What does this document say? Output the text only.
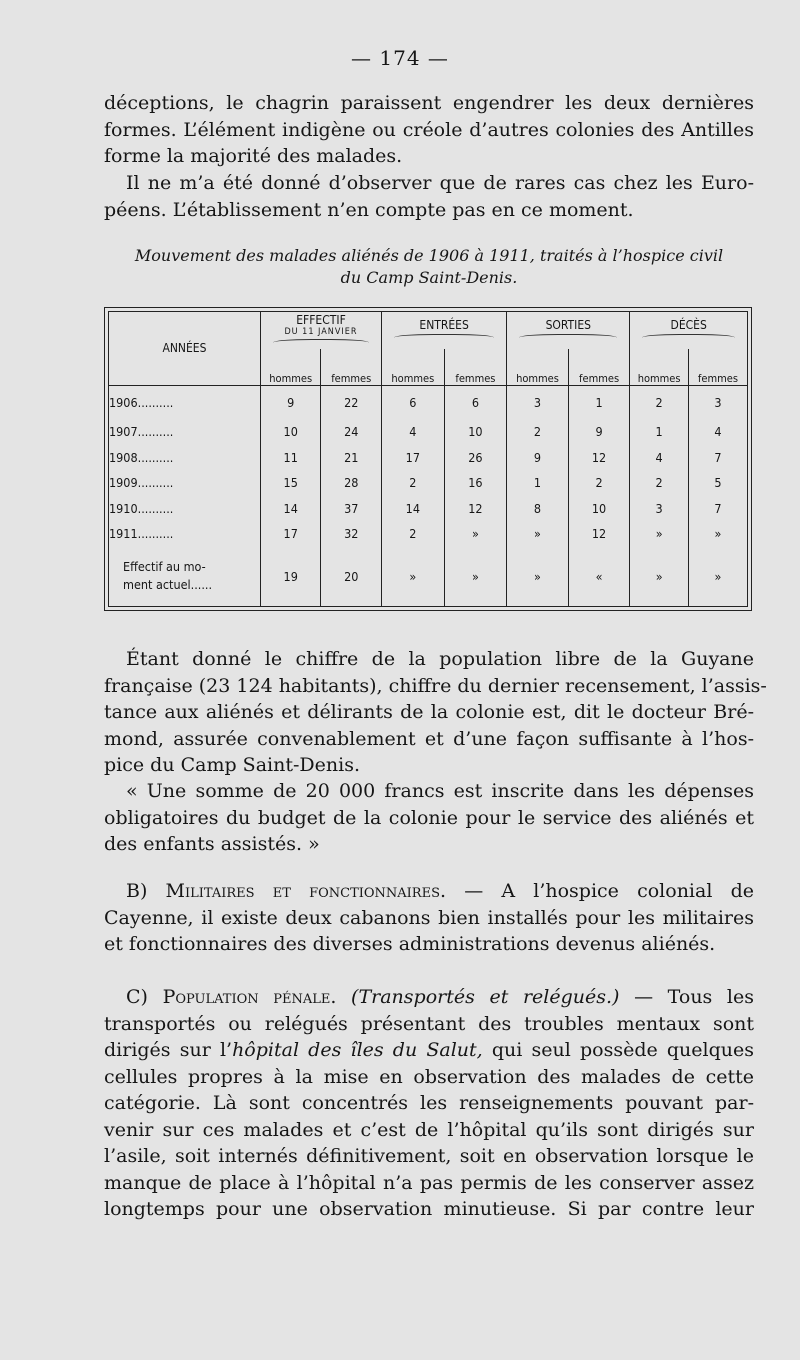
— 174 —
déceptions, le chagrin paraissent engendrer les deux dernières
formes. L’élément indigène ou créole d’autres colonies des Antilles
forme la majorité des malades.
Il ne m’a été donné d’observer que de rares cas chez les Euro-
péens. L’établissement n’en compte pas en ce moment.
Mouvement des malades aliénés de 1906 à 1911, traités à l’hospice civil
du Camp Saint-Denis.
ANNÉES	EFFECTIF
DU 11 JANVIER		ENTRÉES		SORTIES		DÉCÈS	

	hommes	femmes	hommes	femmes	hommes	femmes	hommes	femmes
1906..........	9	22	6	6	3	1	2	3
1907..........	10	24	4	10	2	9	1	4
1908..........	11	21	17	26	9	12	4	7
1909..........	15	28	2	16	1	2	2	5
1910..........	14	37	14	12	8	10	3	7
1911..........	17	32	2	»	»	12	»	»

Effectif au mo-
ment actuel......	19	20	»	»	»	«	»	»
Étant donné le chiffre de la population libre de la Guyane
française (23 124 habitants), chiffre du dernier recensement, l’assis-
tance aux aliénés et délirants de la colonie est, dit le docteur Bré-
mond, assurée convenablement et d’une façon suffisante à l’hos-
pice du Camp Saint-Denis.
« Une somme de 20 000 francs est inscrite dans les dépenses
obligatoires du budget de la colonie pour le service des aliénés et
des enfants assistés. »
B) Militaires et fonctionnaires. — A l’hospice colonial de
Cayenne, il existe deux cabanons bien installés pour les militaires
et fonctionnaires des diverses administrations devenus aliénés.
C) Population pénale. (Transportés et relégués.) — Tous les
transportés ou relégués présentant des troubles mentaux sont
dirigés sur l’hôpital des îles du Salut, qui seul possède quelques
cellules propres à la mise en observation des malades de cette
catégorie. Là sont concentrés les renseignements pouvant par-
venir sur ces malades et c’est de l’hôpital qu’ils sont dirigés sur
l’asile, soit internés définitivement, soit en observation lorsque le
manque de place à l’hôpital n’a pas permis de les conserver assez
longtemps pour une observation minutieuse. Si par contre leur
